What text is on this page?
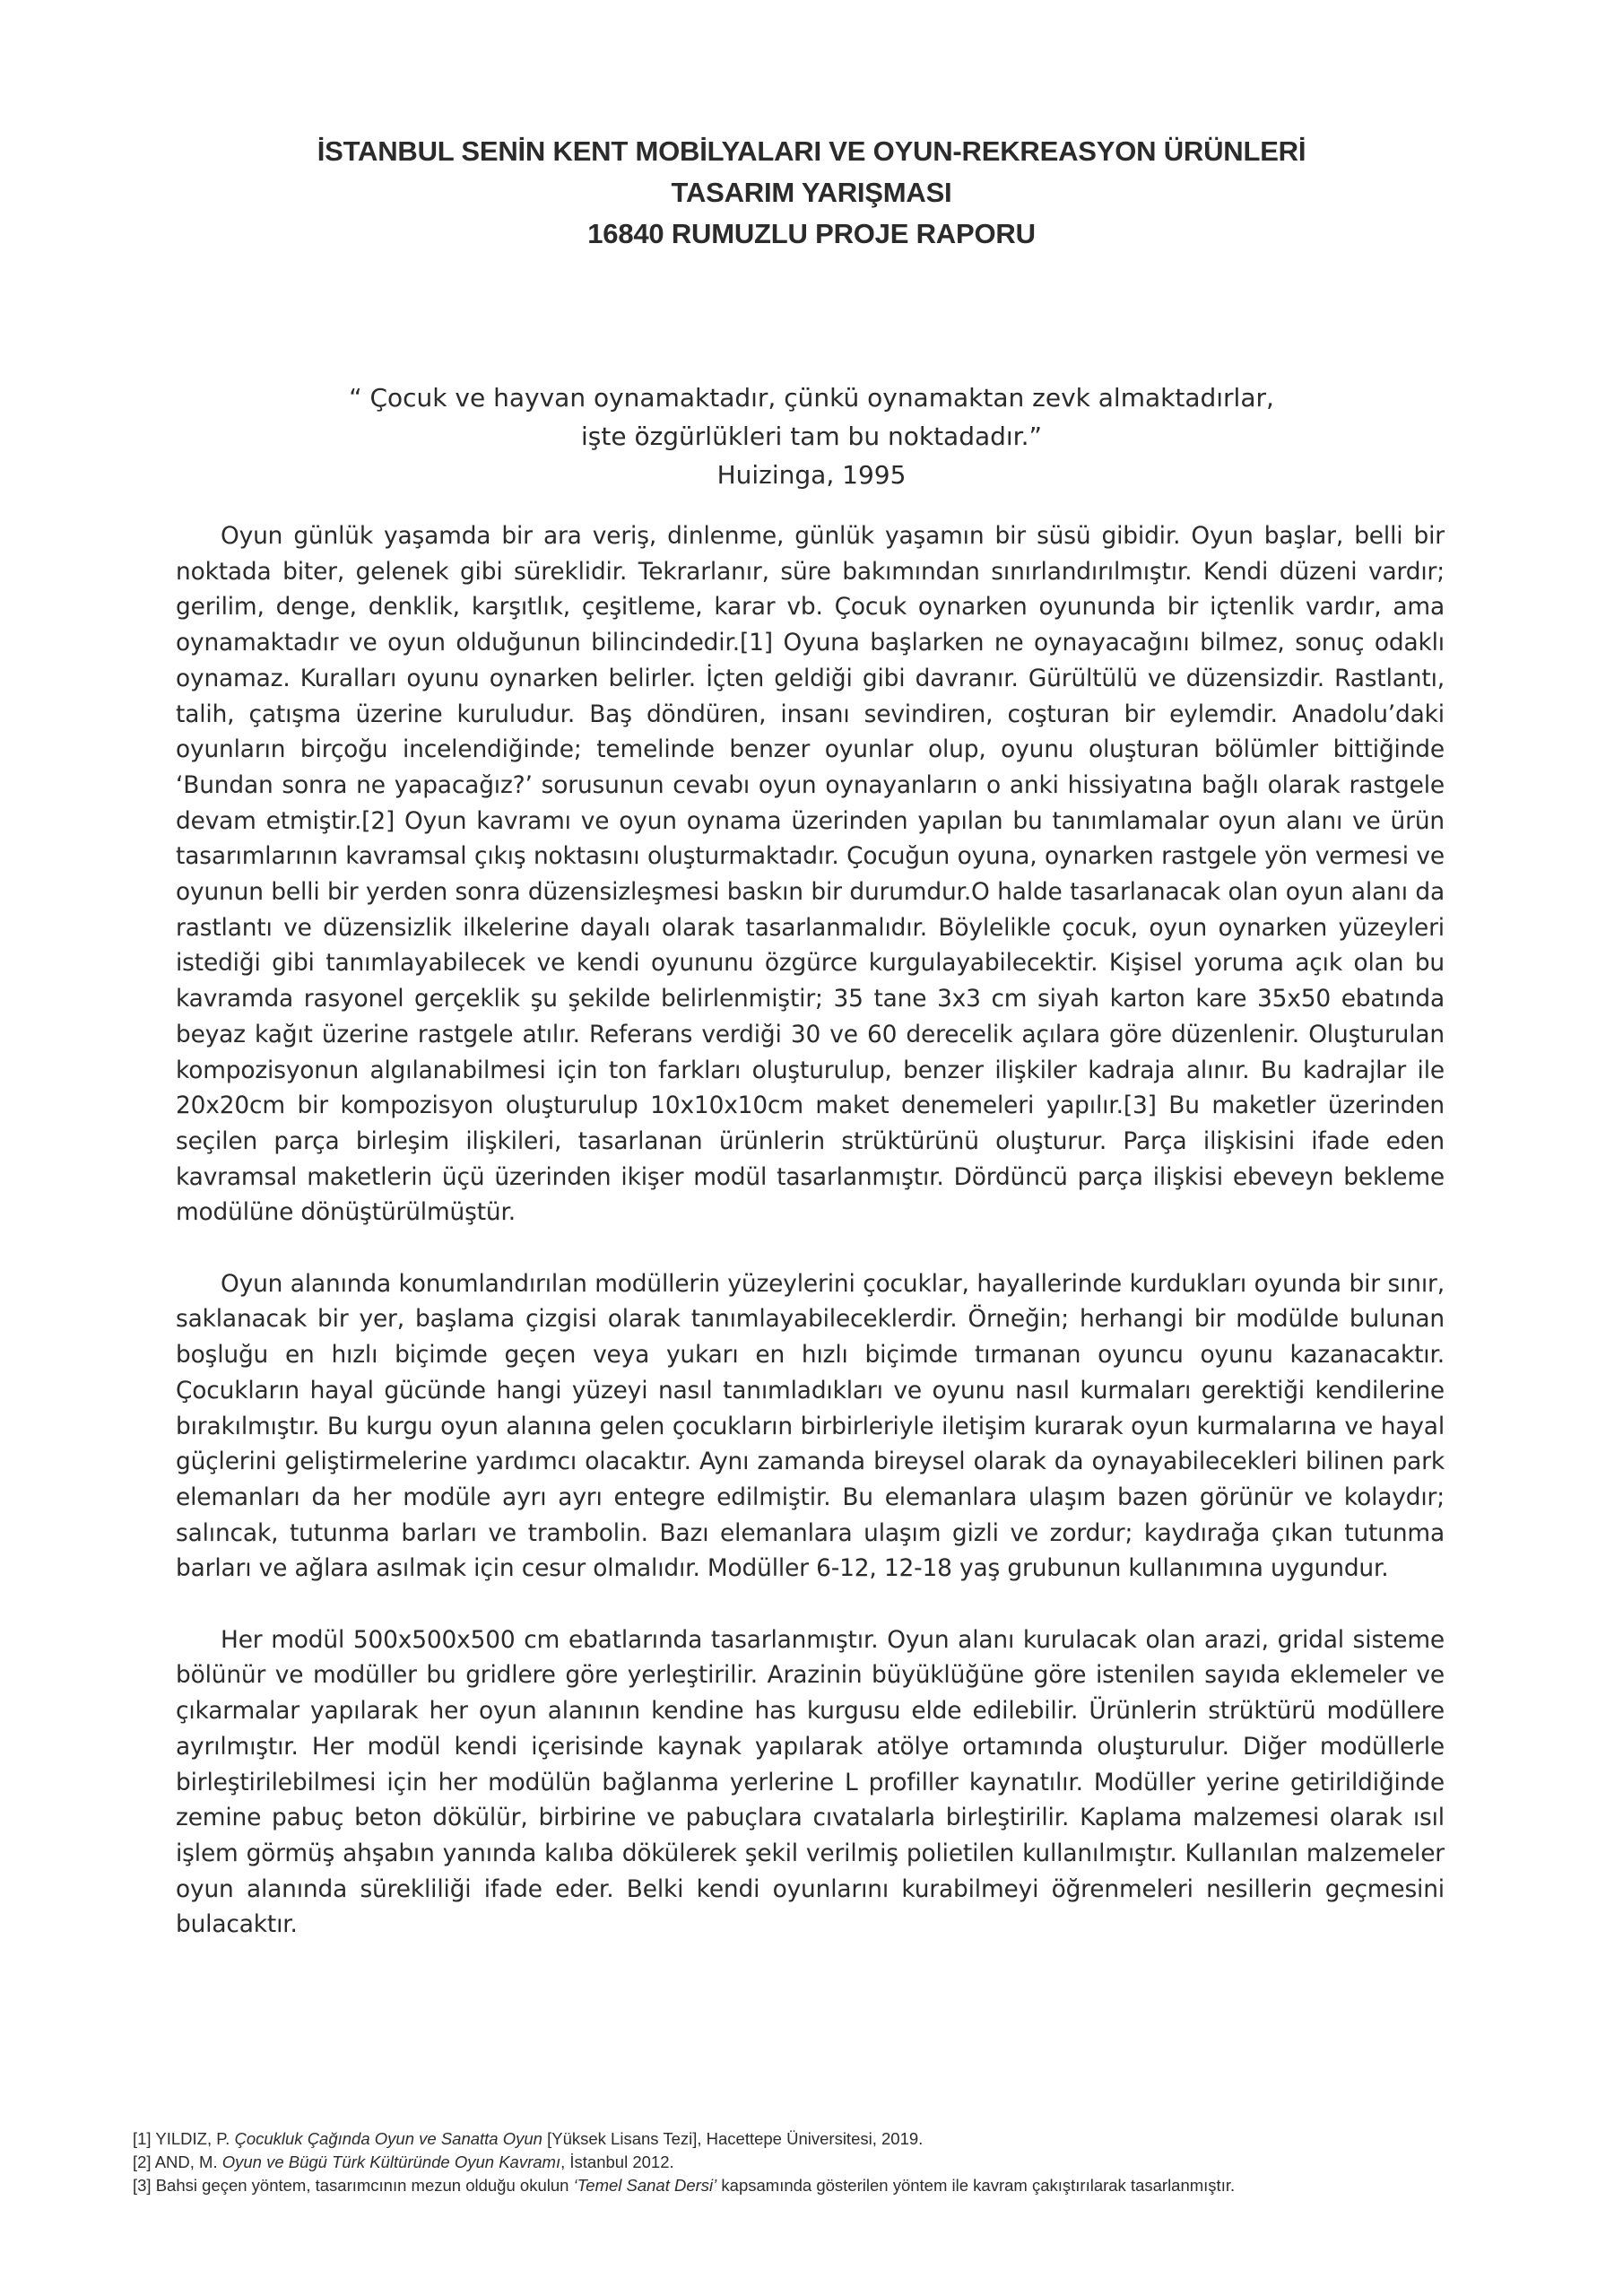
İSTANBUL SENİN KENT MOBİLYALARI VE OYUN-REKREASYON ÜRÜNLERİ
TASARIM YARIŞMASI
16840 RUMUZLU PROJE RAPORU
“ Çocuk ve hayvan oynamaktadır, çünkü oynamaktan zevk almaktadırlar,
işte özgürlükleri tam bu noktadadır.”
Huizinga, 1995

Oyun günlük yaşamda bir ara veriş, dinlenme, günlük yaşamın bir süsü gibidir. Oyun başlar, belli bir noktada biter, gelenek gibi süreklidir. Tekrarlanır, süre bakımından sınırlandırılmıştır. Kendi düzeni vardır; gerilim, denge, denklik, karşıtlık, çeşitleme, karar vb. Çocuk oynarken oyununda bir içtenlik vardır, ama oynamaktadır ve oyun olduğunun bilincindedir.[1] Oyuna başlarken ne oynayacağını bilmez, sonuç odaklı oynamaz. Kuralları oyunu oynarken belirler. İçten geldiği gibi davranır. Gürültülü ve düzensizdir. Rastlantı, talih, çatışma üzerine kuruludur. Baş döndüren, insanı sevindiren, coşturan bir eylemdir. Anadolu’daki oyunların birçoğu incelendiğinde; temelinde benzer oyunlar olup, oyunu oluşturan bölümler bittiğinde ‘Bundan sonra ne yapacağız?’ sorusunun cevabı oyun oynayanların o anki hissiyatına bağlı olarak rastgele devam etmiştir.[2] Oyun kavramı ve oyun oynama üzerinden yapılan bu tanımlamalar oyun alanı ve ürün tasarımlarının kavramsal çıkış noktasını oluşturmaktadır. Çocuğun oyuna, oynarken rastgele yön vermesi ve oyunun belli bir yerden sonra düzensizleşmesi baskın bir durumdur.O halde tasarlanacak olan oyun alanı da rastlantı ve düzensizlik ilkelerine dayalı olarak tasarlanmalıdır. Böylelikle çocuk, oyun oynarken yüzeyleri istediği gibi tanımlayabilecek ve kendi oyununu özgürce kurgulayabilecektir. Kişisel yoruma açık olan bu kavramda rasyonel gerçeklik şu şekilde belirlenmiştir; 35 tane 3x3 cm siyah karton kare 35x50 ebatında beyaz kağıt üzerine rastgele atılır. Referans verdiği 30 ve 60 derecelik açılara göre düzenlenir. Oluşturulan kompozisyonun algılanabilmesi için ton farkları oluşturulup, benzer ilişkiler kadraja alınır. Bu kadrajlar ile 20x20cm bir kompozisyon oluşturulup 10x10x10cm maket denemeleri yapılır.[3] Bu maketler üzerinden seçilen parça birleşim ilişkileri, tasarlanan ürünlerin strüktürünü oluşturur. Parça ilişkisini ifade eden kavramsal maketlerin üçü üzerinden ikişer modül tasarlanmıştır. Dördüncü parça ilişkisi ebeveyn bekleme modülüne dönüştürülmüştür.

Oyun alanında konumlandırılan modüllerin yüzeylerini çocuklar, hayallerinde kurdukları oyunda bir sınır, saklanacak bir yer, başlama çizgisi olarak tanımlayabileceklerdir. Örneğin; herhangi bir modülde bulunan boşluğu en hızlı biçimde geçen veya yukarı en hızlı biçimde tırmanan oyuncu oyunu kazanacaktır. Çocukların hayal gücünde hangi yüzeyi nasıl tanımladıkları ve oyunu nasıl kurmaları gerektiği kendilerine bırakılmıştır. Bu kurgu oyun alanına gelen çocukların birbirleriyle iletişim kurarak oyun kurmalarına ve hayal güçlerini geliştirmelerine yardımcı olacaktır. Aynı zamanda bireysel olarak da oynayabilecekleri bilinen park elemanları da her modüle ayrı ayrı entegre edilmiştir. Bu elemanlara ulaşım bazen görünür ve kolaydır; salıncak, tutunma barları ve trambolin. Bazı elemanlara ulaşım gizli ve zordur; kaydırağa çıkan tutunma barları ve ağlara asılmak için cesur olmalıdır. Modüller 6-12, 12-18 yaş grubunun kullanımına uygundur.

Her modül 500x500x500 cm ebatlarında tasarlanmıştır. Oyun alanı kurulacak olan arazi, gridal sisteme bölünür ve modüller bu gridlere göre yerleştirilir. Arazinin büyüklüğüne göre istenilen sayıda eklemeler ve çıkarmalar yapılarak her oyun alanının kendine has kurgusu elde edilebilir. Ürünlerin strüktürü modüllere ayrılmıştır. Her modül kendi içerisinde kaynak yapılarak atölye ortamında oluşturulur. Diğer modüllerle birleştirilebilmesi için her modülün bağlanma yerlerine L profiller kaynatılır. Modüller yerine getirildiğinde zemine pabuç beton dökülür, birbirine ve pabuçlara cıvatalarla birleştirilir. Kaplama malzemesi olarak ısıl işlem görmüş ahşabın yanında kalıba dökülerek şekil verilmiş polietilen kullanılmıştır. Kullanılan malzemeler oyun alanında sürekliliği ifade eder. Belki kendi oyunlarını kurabilmeyi öğrenmeleri nesillerin geçmesini bulacaktır.

[1] YILDIZ, P. Çocukluk Çağında Oyun ve Sanatta Oyun [Yüksek Lisans Tezi], Hacettepe Üniversitesi, 2019.
[2] AND, M. Oyun ve Bügü Türk Kültüründe Oyun Kavramı, İstanbul 2012.
[3] Bahsi geçen yöntem, tasarımcının mezun olduğu okulun ‘Temel Sanat Dersi’ kapsamında gösterilen yöntem ile kavram çakıştırılarak tasarlanmıştır.
